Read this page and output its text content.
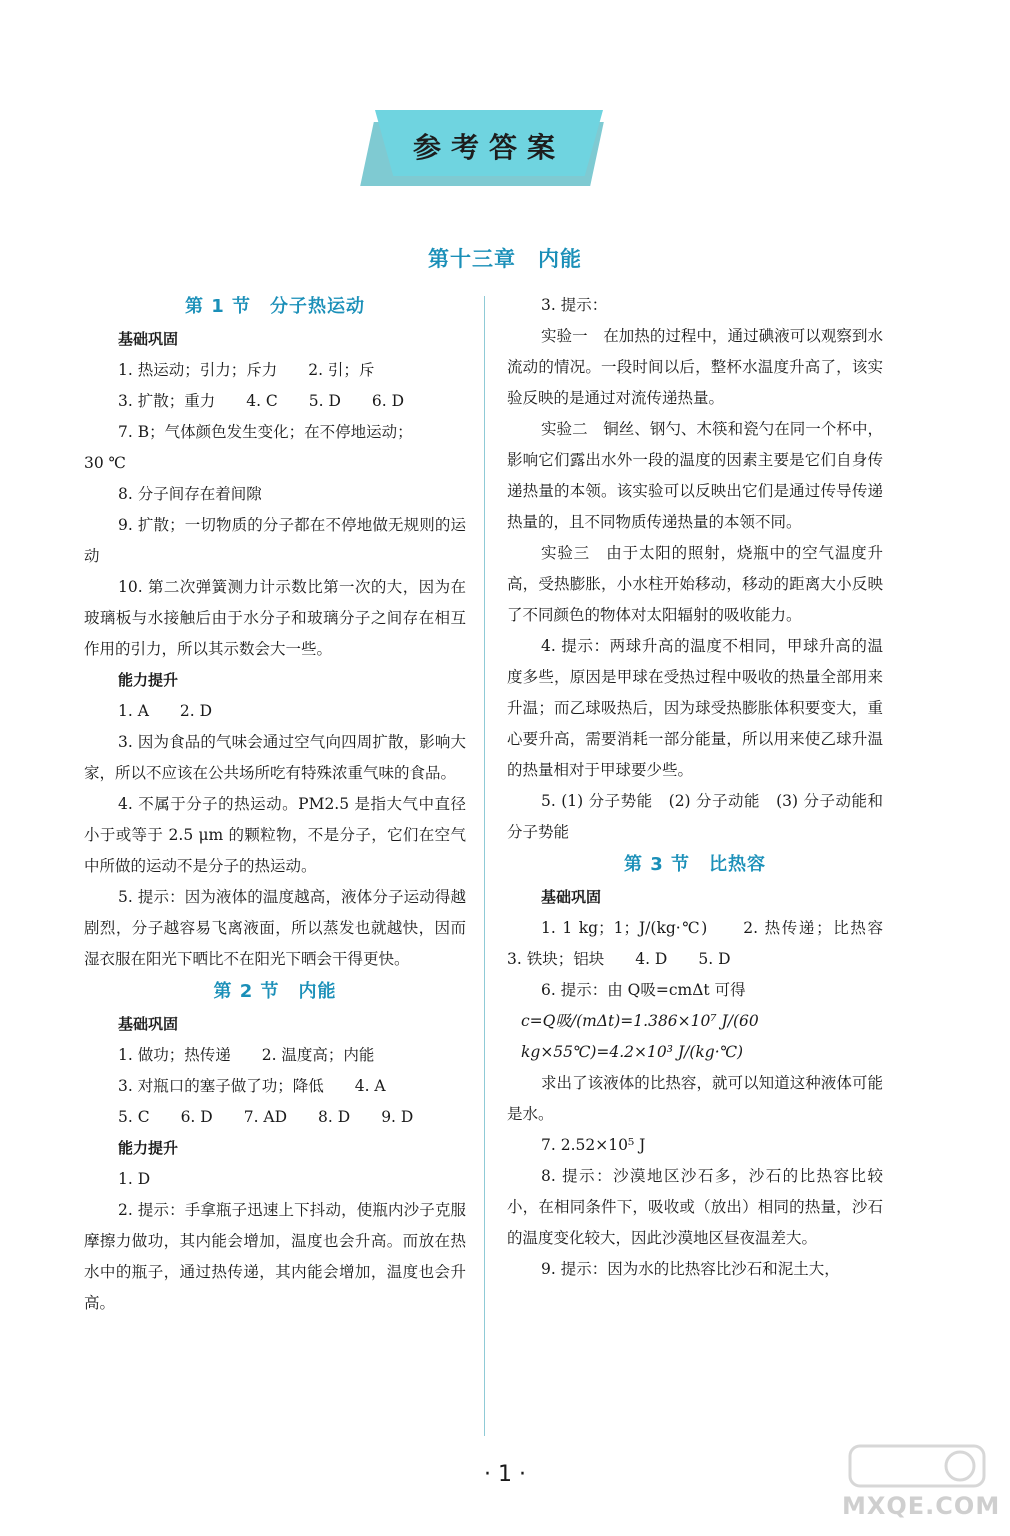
参考答案
第十三章　内能
第 1 节　分子热运动
基础巩固
1. 热运动；引力；斥力　　2. 引；斥
3. 扩散；重力　　4. C　　5. D　　6. D
7. B；气体颜色发生变化；在不停地运动；
30 ℃
8. 分子间存在着间隙
9. 扩散；一切物质的分子都在不停地做无规则的运动
10. 第二次弹簧测力计示数比第一次的大，因为在玻璃板与水接触后由于水分子和玻璃分子之间存在相互作用的引力，所以其示数会大一些。
能力提升
1. A　　2. D
3. 因为食品的气味会通过空气向四周扩散，影响大家，所以不应该在公共场所吃有特殊浓重气味的食品。
4. 不属于分子的热运动。PM2.5 是指大气中直径小于或等于 2.5 μm 的颗粒物，不是分子，它们在空气中所做的运动不是分子的热运动。
5. 提示：因为液体的温度越高，液体分子运动得越剧烈，分子越容易飞离液面，所以蒸发也就越快，因而湿衣服在阳光下晒比不在阳光下晒会干得更快。
第 2 节　内能
基础巩固
1. 做功；热传递　　2. 温度高；内能
3. 对瓶口的塞子做了功；降低　　4. A
5. C　　6. D　　7. AD　　8. D　　9. D
能力提升
1. D
2. 提示：手拿瓶子迅速上下抖动，使瓶内沙子克服摩擦力做功，其内能会增加，温度也会升高。而放在热水中的瓶子，通过热传递，其内能会增加，温度也会升高。
3. 提示：
实验一　在加热的过程中，通过碘液可以观察到水流动的情况。一段时间以后，整杯水温度升高了，该实验反映的是通过对流传递热量。
实验二　铜丝、钢勺、木筷和瓷勺在同一个杯中，影响它们露出水外一段的温度的因素主要是它们自身传递热量的本领。该实验可以反映出它们是通过传导传递热量的，且不同物质传递热量的本领不同。
实验三　由于太阳的照射，烧瓶中的空气温度升高，受热膨胀，小水柱开始移动，移动的距离大小反映了不同颜色的物体对太阳辐射的吸收能力。
4. 提示：两球升高的温度不相同，甲球升高的温度多些，原因是甲球在受热过程中吸收的热量全部用来升温；而乙球吸热后，因为球受热膨胀体积要变大，重心要升高，需要消耗一部分能量，所以用来使乙球升温的热量相对于甲球要少些。
5. (1) 分子势能　(2) 分子动能　(3) 分子动能和分子势能
第 3 节　比热容
基础巩固
1. 1 kg；1；J/(kg·℃)　　2. 热传递；比热容　3. 铁块；铝块　　4. D　　5. D
6. 提示：由 Q吸=cmΔt 可得
c=Q吸/(mΔt)=1.386×10⁷ J/(60 kg×55℃)=4.2×10³ J/(kg·℃)
求出了该液体的比热容，就可以知道这种液体可能是水。
7. 2.52×10⁵ J
8. 提示：沙漠地区沙石多，沙石的比热容比较小，在相同条件下，吸收或（放出）相同的热量，沙石的温度变化较大，因此沙漠地区昼夜温差大。
9. 提示：因为水的比热容比沙石和泥土大，
· 1 ·
MXQE.COM
